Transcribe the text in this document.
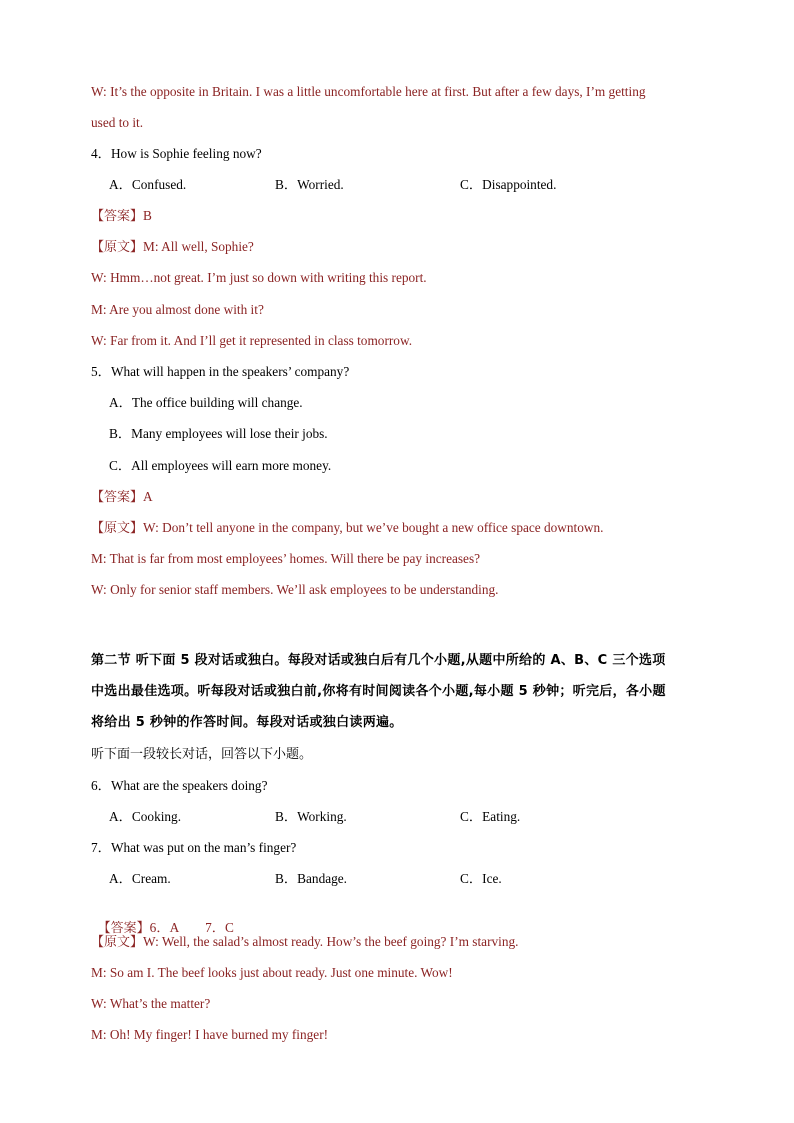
W: It’s the opposite in Britain. I was a little uncomfortable here at first. But after a few days, I’m getting
used to it.
4．How is Sophie feeling now?
A．Confused.	B．Worried.	C．Disappointed.
【答案】B
【原文】M: All well, Sophie?
W: Hmm…not great. I’m just so down with writing this report.
M: Are you almost done with it?
W: Far from it. And I’ll get it represented in class tomorrow.
5．What will happen in the speakers’ company?
A．The office building will change.
B．Many employees will lose their jobs.
C．All employees will earn more money.
【答案】A
【原文】W: Don’t tell anyone in the company, but we’ve bought a new office space downtown.
M: That is far from most employees’ homes. Will there be pay increases?
W: Only for senior staff members. We’ll ask employees to be understanding.
第二节 听下面 5 段对话或独白。每段对话或独白后有几个小题,从题中所给的 A、B、C 三个选项
中选出最佳选项。听每段对话或独白前,你将有时间阅读各个小题,每小题 5 秒钟；听完后，各小题
将给出 5 秒钟的作答时间。每段对话或独白读两遍。
听下面一段较长对话，回答以下小题。
6．What are the speakers doing?
A．Cooking.	B．Working.	C．Eating.
7．What was put on the man’s finger?
A．Cream.	B．Bandage.	C．Ice.

【答案】6．A        7．C

【原文】W: Well, the salad’s almost ready. How’s the beef going? I’m starving.
M: So am I. The beef looks just about ready. Just one minute. Wow!
W: What’s the matter?
M: Oh! My finger! I have burned my finger!
